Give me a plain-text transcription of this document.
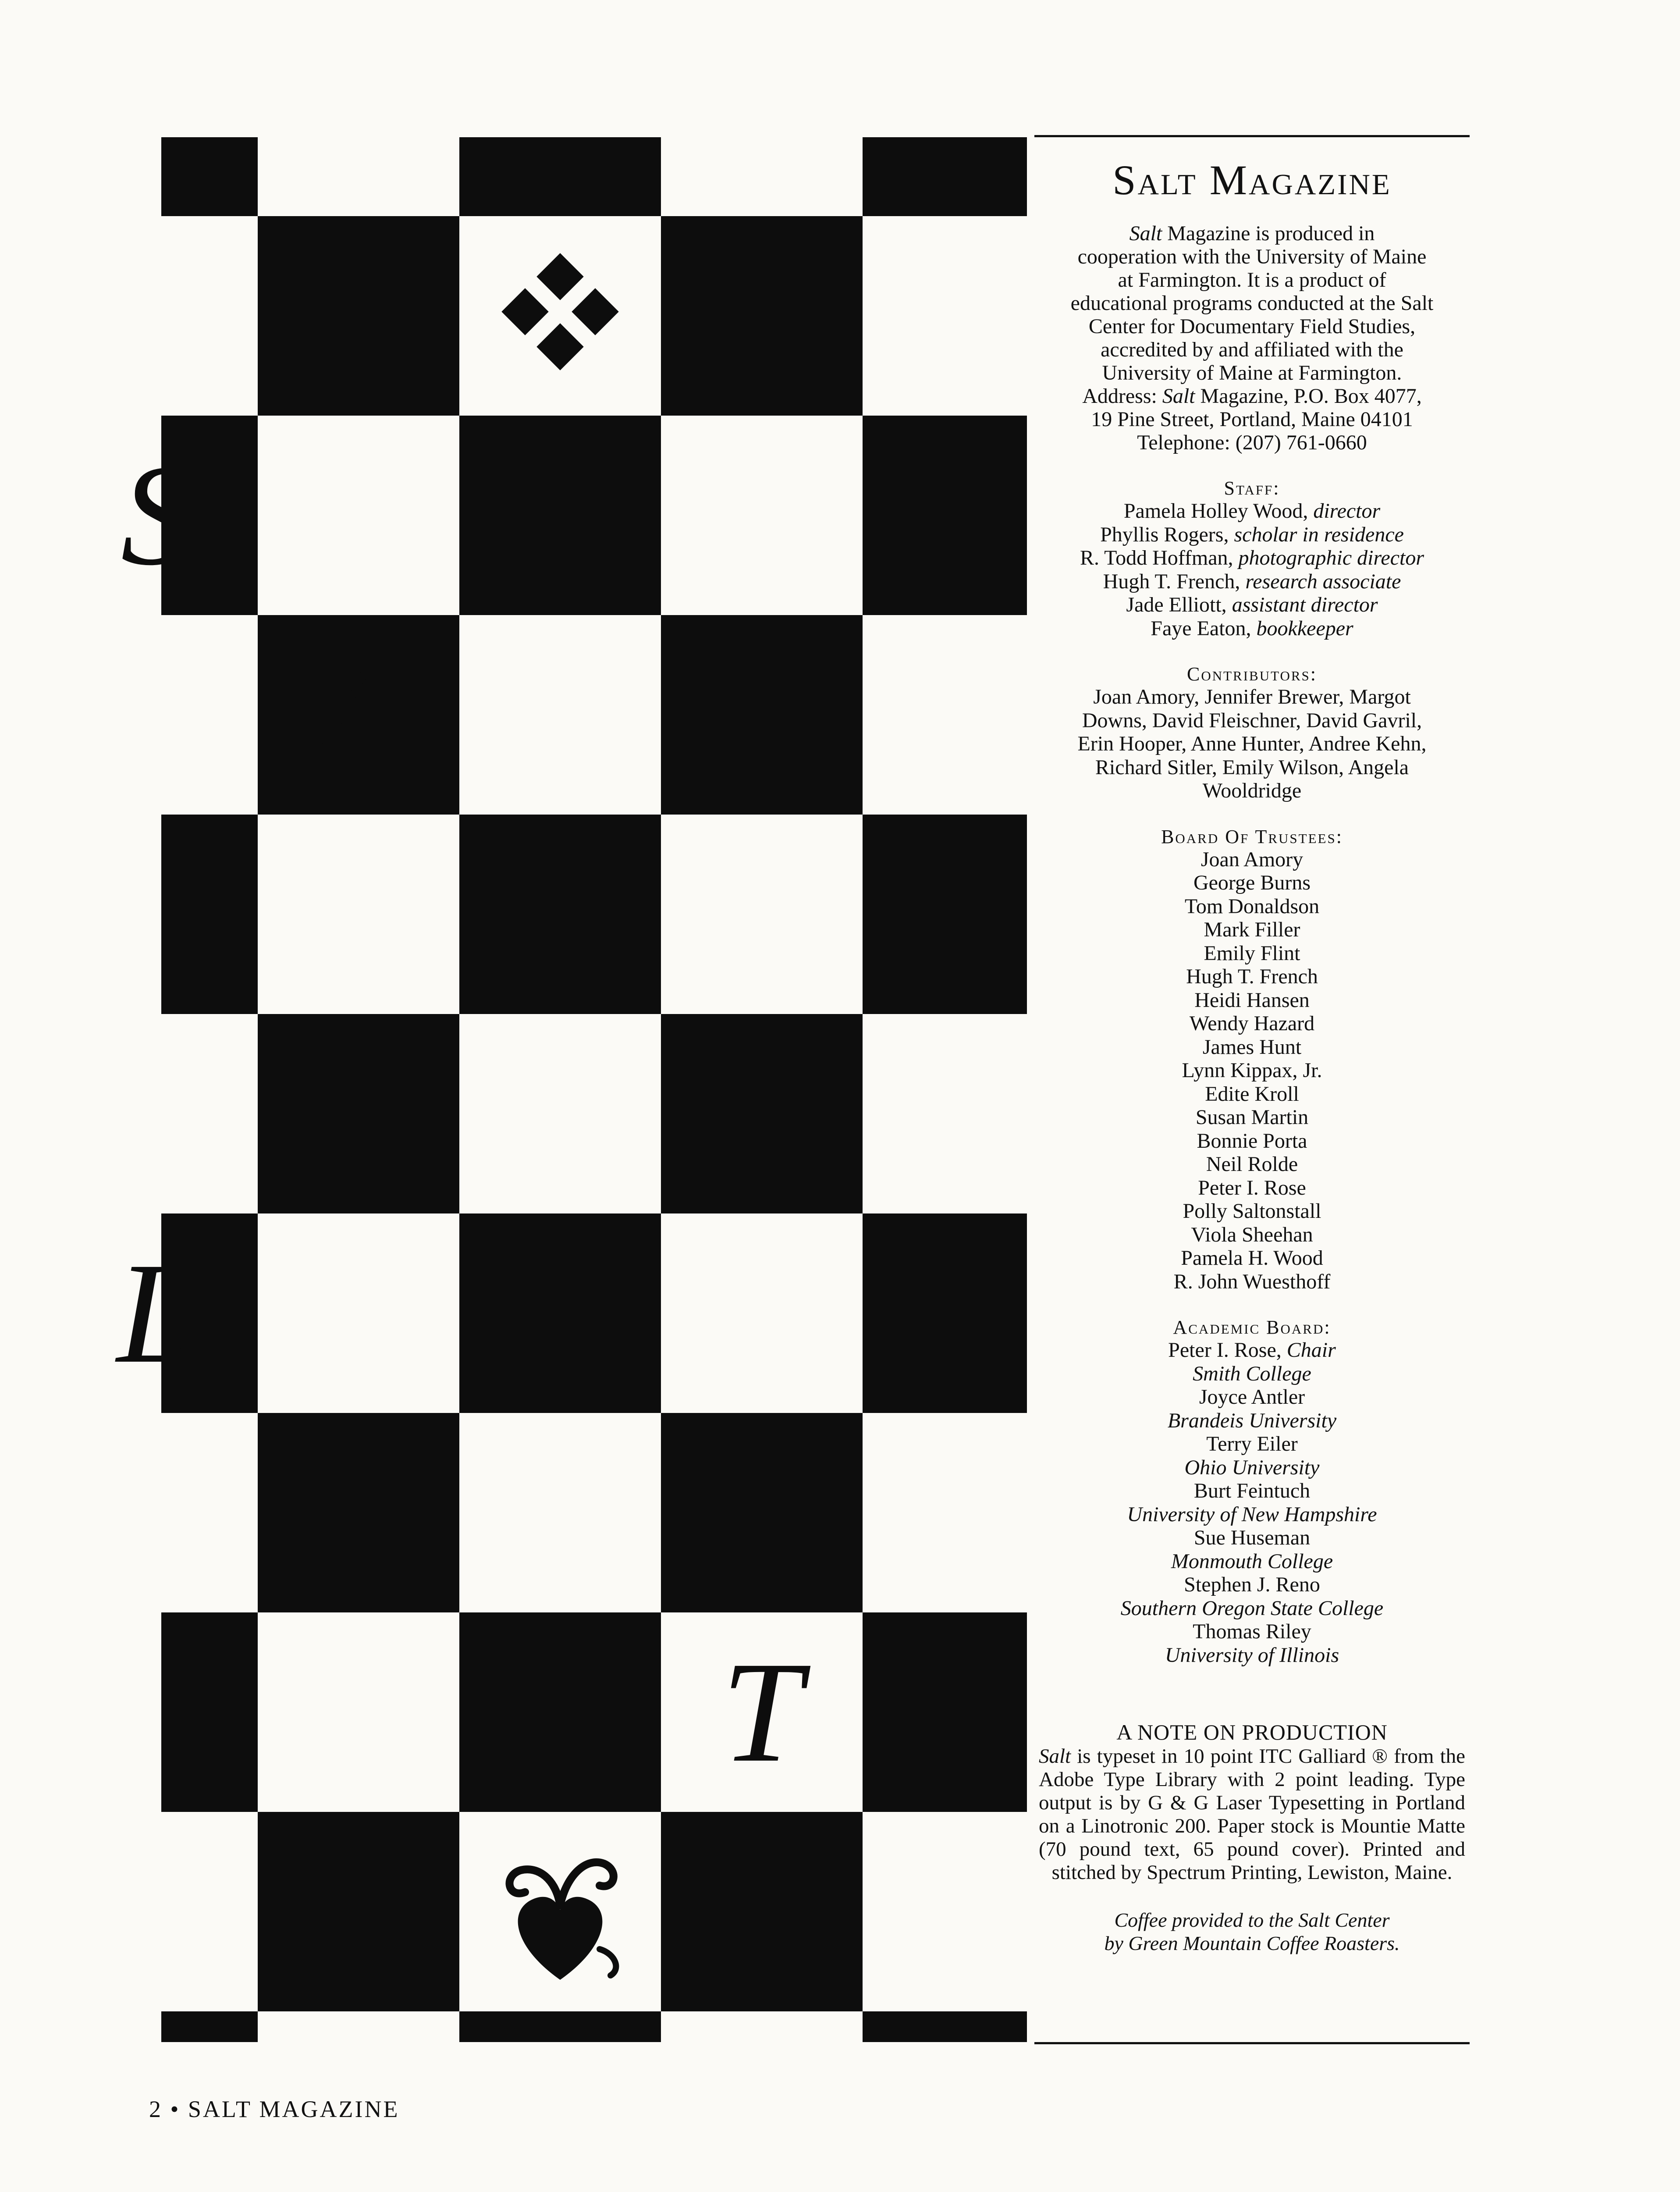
S
A
L
T
Salt Magazine
Salt Magazine is produced in
cooperation with the University of Maine
at Farmington. It is a product of
educational programs conducted at the Salt
Center for Documentary Field Studies,
accredited by and affiliated with the
University of Maine at Farmington.
Address: Salt Magazine, P.O. Box 4077,
19 Pine Street, Portland, Maine 04101
Telephone: (207) 761-0660
Staff:
Pamela Holley Wood, director
Phyllis Rogers, scholar in residence
R. Todd Hoffman, photographic director
Hugh T. French, research associate
Jade Elliott, assistant director
Faye Eaton, bookkeeper
Contributors:
Joan Amory, Jennifer Brewer, Margot
Downs, David Fleischner, David Gavril,
Erin Hooper, Anne Hunter, Andree Kehn,
Richard Sitler, Emily Wilson, Angela
Wooldridge
Board Of Trustees:
Joan Amory
George Burns
Tom Donaldson
Mark Filler
Emily Flint
Hugh T. French
Heidi Hansen
Wendy Hazard
James Hunt
Lynn Kippax, Jr.
Edite Kroll
Susan Martin
Bonnie Porta
Neil Rolde
Peter I. Rose
Polly Saltonstall
Viola Sheehan
Pamela H. Wood
R. John Wuesthoff
Academic Board:
Peter I. Rose, Chair
Smith College
Joyce Antler
Brandeis University
Terry Eiler
Ohio University
Burt Feintuch
University of New Hampshire
Sue Huseman
Monmouth College
Stephen J. Reno
Southern Oregon State College
Thomas Riley
University of Illinois
A NOTE ON PRODUCTION
Salt is typeset in 10 point ITC Galliard ® from the Adobe Type Library with 2 point leading. Type output is by G & G Laser Typesetting in Portland on a Linotronic 200. Paper stock is Mountie Matte (70 pound text, 65 pound cover). Printed and stitched by Spectrum Printing, Lewiston, Maine.
Coffee provided to the Salt Center
by Green Mountain Coffee Roasters.
2 • SALT MAGAZINE
